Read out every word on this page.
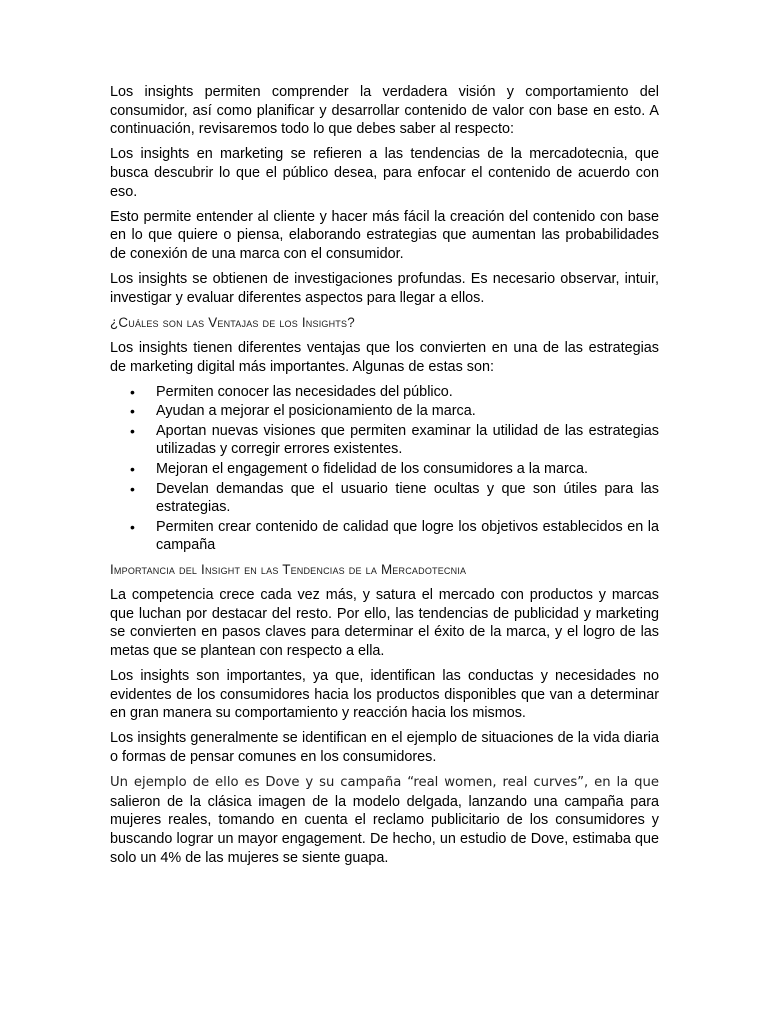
Los insights permiten comprender la verdadera visión y comportamiento del consumidor, así como planificar y desarrollar contenido de valor con base en esto. A continuación, revisaremos todo lo que debes saber al respecto:

Los insights en marketing se refieren a las tendencias de la mercadotecnia, que busca descubrir lo que el público desea, para enfocar el contenido de acuerdo con eso.

Esto permite entender al cliente y hacer más fácil la creación del contenido con base en lo que quiere o piensa, elaborando estrategias que aumentan las probabilidades de conexión de una marca con el consumidor.

Los insights se obtienen de investigaciones profundas. Es necesario observar, intuir, investigar y evaluar diferentes aspectos para llegar a ellos.

¿Cuáles son las Ventajas de los Insights?

Los insights tienen diferentes ventajas que los convierten en una de las estrategias de marketing digital más importantes. Algunas de estas son:

• Permiten conocer las necesidades del público.
• Ayudan a mejorar el posicionamiento de la marca.
• Aportan nuevas visiones que permiten examinar la utilidad de las estrategias utilizadas y corregir errores existentes.
• Mejoran el engagement o fidelidad de los consumidores a la marca.
• Develan demandas que el usuario tiene ocultas y que son útiles para las estrategias.
• Permiten crear contenido de calidad que logre los objetivos establecidos en la campaña
Importancia del Insight en las Tendencias de la Mercadotecnia

La competencia crece cada vez más, y satura el mercado con productos y marcas que luchan por destacar del resto. Por ello, las tendencias de publicidad y marketing se convierten en pasos claves para determinar el éxito de la marca, y el logro de las metas que se plantean con respecto a ella.

Los insights son importantes, ya que, identifican las conductas y necesidades no evidentes de los consumidores hacia los productos disponibles que van a determinar en gran manera su comportamiento y reacción hacia los mismos.

Los insights generalmente se identifican en el ejemplo de situaciones de la vida diaria o formas de pensar comunes en los consumidores.

Un ejemplo de ello es Dove y su campaña “real women, real curves”, en la que salieron de la clásica imagen de la modelo delgada, lanzando una campaña para mujeres reales, tomando en cuenta el reclamo publicitario de los consumidores y buscando lograr un mayor engagement. De hecho, un estudio de Dove, estimaba que solo un 4% de las mujeres se siente guapa.
